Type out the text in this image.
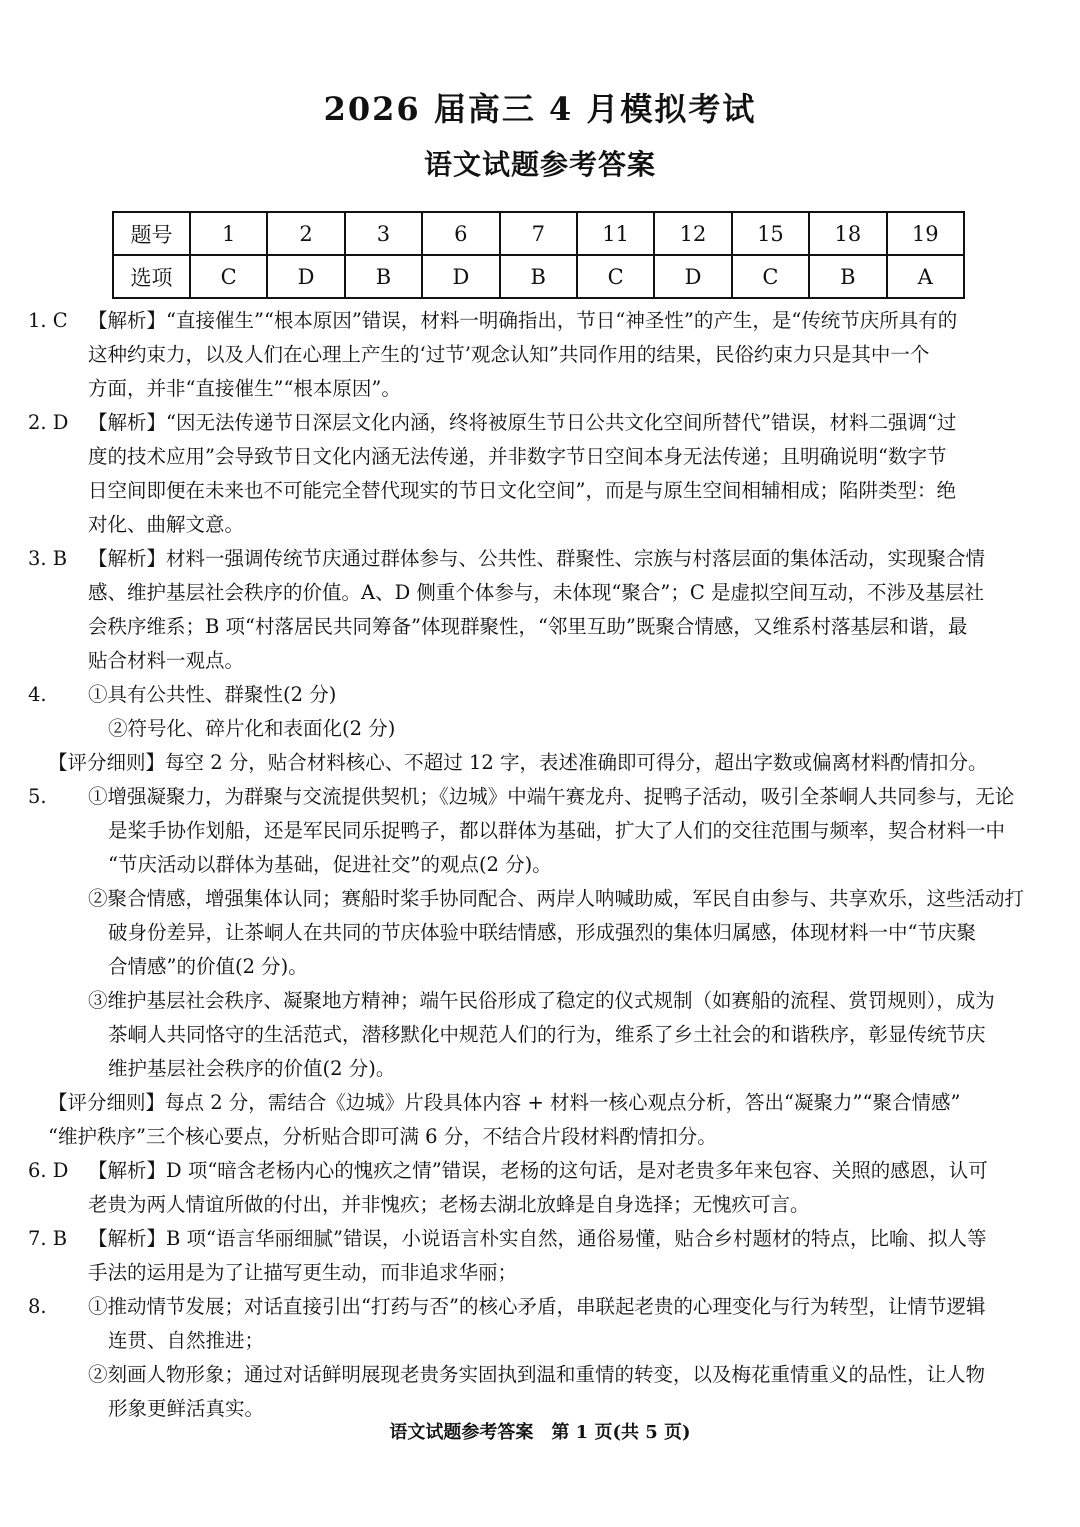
2026 届高三 4 月模拟考试
语文试题参考答案
题号	1	2	3	6	7	11	12	15	18	19
选项	C	D	B	D	B	C	D	C	B	A
1. C 【解析】“直接催生”“根本原因”错误，材料一明确指出，节日“神圣性”的产生，是“传统节庆所具有的
这种约束力，以及人们在心理上产生的‘过节’观念认知”共同作用的结果，民俗约束力只是其中一个
方面，并非“直接催生”“根本原因”。
2. D 【解析】“因无法传递节日深层文化内涵，终将被原生节日公共文化空间所替代”错误，材料二强调“过
度的技术应用”会导致节日文化内涵无法传递，并非数字节日空间本身无法传递；且明确说明“数字节
日空间即便在未来也不可能完全替代现实的节日文化空间”，而是与原生空间相辅相成；陷阱类型：绝
对化、曲解文意。
3. B 【解析】材料一强调传统节庆通过群体参与、公共性、群聚性、宗族与村落层面的集体活动，实现聚合情
感、维护基层社会秩序的价值。A、D 侧重个体参与，未体现“聚合”；C 是虚拟空间互动，不涉及基层社
会秩序维系；B 项“村落居民共同筹备”体现群聚性，“邻里互助”既聚合情感，又维系村落基层和谐，最
贴合材料一观点。
4. ①具有公共性、群聚性(2 分)
②符号化、碎片化和表面化(2 分)
【评分细则】每空 2 分，贴合材料核心、不超过 12 字，表述准确即可得分，超出字数或偏离材料酌情扣分。
5. ①增强凝聚力，为群聚与交流提供契机；《边城》中端午赛龙舟、捉鸭子活动，吸引全茶峒人共同参与，无论
是桨手协作划船，还是军民同乐捉鸭子，都以群体为基础，扩大了人们的交往范围与频率，契合材料一中
“节庆活动以群体为基础，促进社交”的观点(2 分)。
②聚合情感，增强集体认同；赛船时桨手协同配合、两岸人呐喊助威，军民自由参与、共享欢乐，这些活动打
破身份差异，让茶峒人在共同的节庆体验中联结情感，形成强烈的集体归属感，体现材料一中“节庆聚
合情感”的价值(2 分)。
③维护基层社会秩序、凝聚地方精神；端午民俗形成了稳定的仪式规制（如赛船的流程、赏罚规则），成为
茶峒人共同恪守的生活范式，潜移默化中规范人们的行为，维系了乡土社会的和谐秩序，彰显传统节庆
维护基层社会秩序的价值(2 分)。
【评分细则】每点 2 分，需结合《边城》片段具体内容 + 材料一核心观点分析，答出“凝聚力”“聚合情感”
“维护秩序”三个核心要点，分析贴合即可满 6 分，不结合片段材料酌情扣分。
6. D 【解析】D 项“暗含老杨内心的愧疚之情”错误，老杨的这句话，是对老贵多年来包容、关照的感恩，认可
老贵为两人情谊所做的付出，并非愧疚；老杨去湖北放蜂是自身选择；无愧疚可言。
7. B 【解析】B 项“语言华丽细腻”错误，小说语言朴实自然，通俗易懂，贴合乡村题材的特点，比喻、拟人等
手法的运用是为了让描写更生动，而非追求华丽；
8. ①推动情节发展；对话直接引出“打药与否”的核心矛盾，串联起老贵的心理变化与行为转型，让情节逻辑
连贯、自然推进；
②刻画人物形象；通过对话鲜明展现老贵务实固执到温和重情的转变，以及梅花重情重义的品性，让人物
形象更鲜活真实。
语文试题参考答案　第 1 页(共 5 页)
